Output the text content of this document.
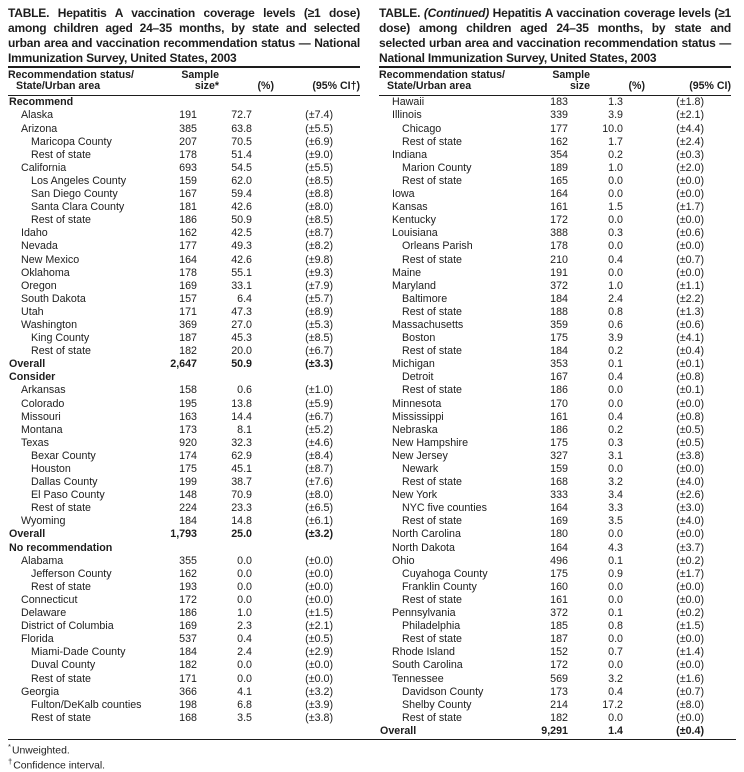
TABLE. Hepatitis A vaccination coverage levels (≥1 dose) among children aged 24–35 months, by state and selected urban area and vaccination recommendation status — National Immunization Survey, United States, 2003
Recommendation status/
State/Urban area
Sample
size*	(%)	(95% CI†)
Recommend
Alaska	191	72.7	(±7.4)
Arizona	385	63.8	(±5.5)
Maricopa County	207	70.5	(±6.9)
Rest of state	178	51.4	(±9.0)
California	693	54.5	(±5.5)
Los Angeles County	159	62.0	(±8.5)
San Diego County	167	59.4	(±8.8)
Santa Clara County	181	42.6	(±8.0)
Rest of state	186	50.9	(±8.5)
Idaho	162	42.5	(±8.7)
Nevada	177	49.3	(±8.2)
New Mexico	164	42.6	(±9.8)
Oklahoma	178	55.1	(±9.3)
Oregon	169	33.1	(±7.9)
South Dakota	157	6.4	(±5.7)
Utah	171	47.3	(±8.9)
Washington	369	27.0	(±5.3)
King County	187	45.3	(±8.5)
Rest of state	182	20.0	(±6.7)
Overall	2,647	50.9	(±3.3)
Consider
Arkansas	158	0.6	(±1.0)
Colorado	195	13.8	(±5.9)
Missouri	163	14.4	(±6.7)
Montana	173	8.1	(±5.2)
Texas	920	32.3	(±4.6)
Bexar County	174	62.9	(±8.4)
Houston	175	45.1	(±8.7)
Dallas County	199	38.7	(±7.6)
El Paso County	148	70.9	(±8.0)
Rest of state	224	23.3	(±6.5)
Wyoming	184	14.8	(±6.1)
Overall	1,793	25.0	(±3.2)
No recommendation
Alabama	355	0.0	(±0.0)
Jefferson County	162	0.0	(±0.0)
Rest of state	193	0.0	(±0.0)
Connecticut	172	0.0	(±0.0)
Delaware	186	1.0	(±1.5)
District of Columbia	169	2.3	(±2.1)
Florida	537	0.4	(±0.5)
Miami-Dade County	184	2.4	(±2.9)
Duval County	182	0.0	(±0.0)
Rest of state	171	0.0	(±0.0)
Georgia	366	4.1	(±3.2)
Fulton/DeKalb counties	198	6.8	(±3.9)
Rest of state	168	3.5	(±3.8)
TABLE. (Continued) Hepatitis A vaccination coverage levels (≥1 dose) among children aged 24–35 months, by state and selected urban area and vaccination recommendation status — National Immunization Survey, United States, 2003
Recommendation status/
State/Urban area
Sample
size	(%)	(95% CI)
Hawaii	183	1.3	(±1.8)
Illinois	339	3.9	(±2.1)
Chicago	177	10.0	(±4.4)
Rest of state	162	1.7	(±2.4)
Indiana	354	0.2	(±0.3)
Marion County	189	1.0	(±2.0)
Rest of state	165	0.0	(±0.0)
Iowa	164	0.0	(±0.0)
Kansas	161	1.5	(±1.7)
Kentucky	172	0.0	(±0.0)
Louisiana	388	0.3	(±0.6)
Orleans Parish	178	0.0	(±0.0)
Rest of state	210	0.4	(±0.7)
Maine	191	0.0	(±0.0)
Maryland	372	1.0	(±1.1)
Baltimore	184	2.4	(±2.2)
Rest of state	188	0.8	(±1.3)
Massachusetts	359	0.6	(±0.6)
Boston	175	3.9	(±4.1)
Rest of state	184	0.2	(±0.4)
Michigan	353	0.1	(±0.1)
Detroit	167	0.4	(±0.8)
Rest of state	186	0.0	(±0.1)
Minnesota	170	0.0	(±0.0)
Mississippi	161	0.4	(±0.8)
Nebraska	186	0.2	(±0.5)
New Hampshire	175	0.3	(±0.5)
New Jersey	327	3.1	(±3.8)
Newark	159	0.0	(±0.0)
Rest of state	168	3.2	(±4.0)
New York	333	3.4	(±2.6)
NYC five counties	164	3.3	(±3.0)
Rest of state	169	3.5	(±4.0)
North Carolina	180	0.0	(±0.0)
North Dakota	164	4.3	(±3.7)
Ohio	496	0.1	(±0.2)
Cuyahoga County	175	0.9	(±1.7)
Franklin County	160	0.0	(±0.0)
Rest of state	161	0.0	(±0.0)
Pennsylvania	372	0.1	(±0.2)
Philadelphia	185	0.8	(±1.5)
Rest of state	187	0.0	(±0.0)
Rhode Island	152	0.7	(±1.4)
South Carolina	172	0.0	(±0.0)
Tennessee	569	3.2	(±1.6)
Davidson County	173	0.4	(±0.7)
Shelby County	214	17.2	(±8.0)
Rest of state	182	0.0	(±0.0)
Overall	9,291	1.4	(±0.4)
*Unweighted.
†Confidence interval.
